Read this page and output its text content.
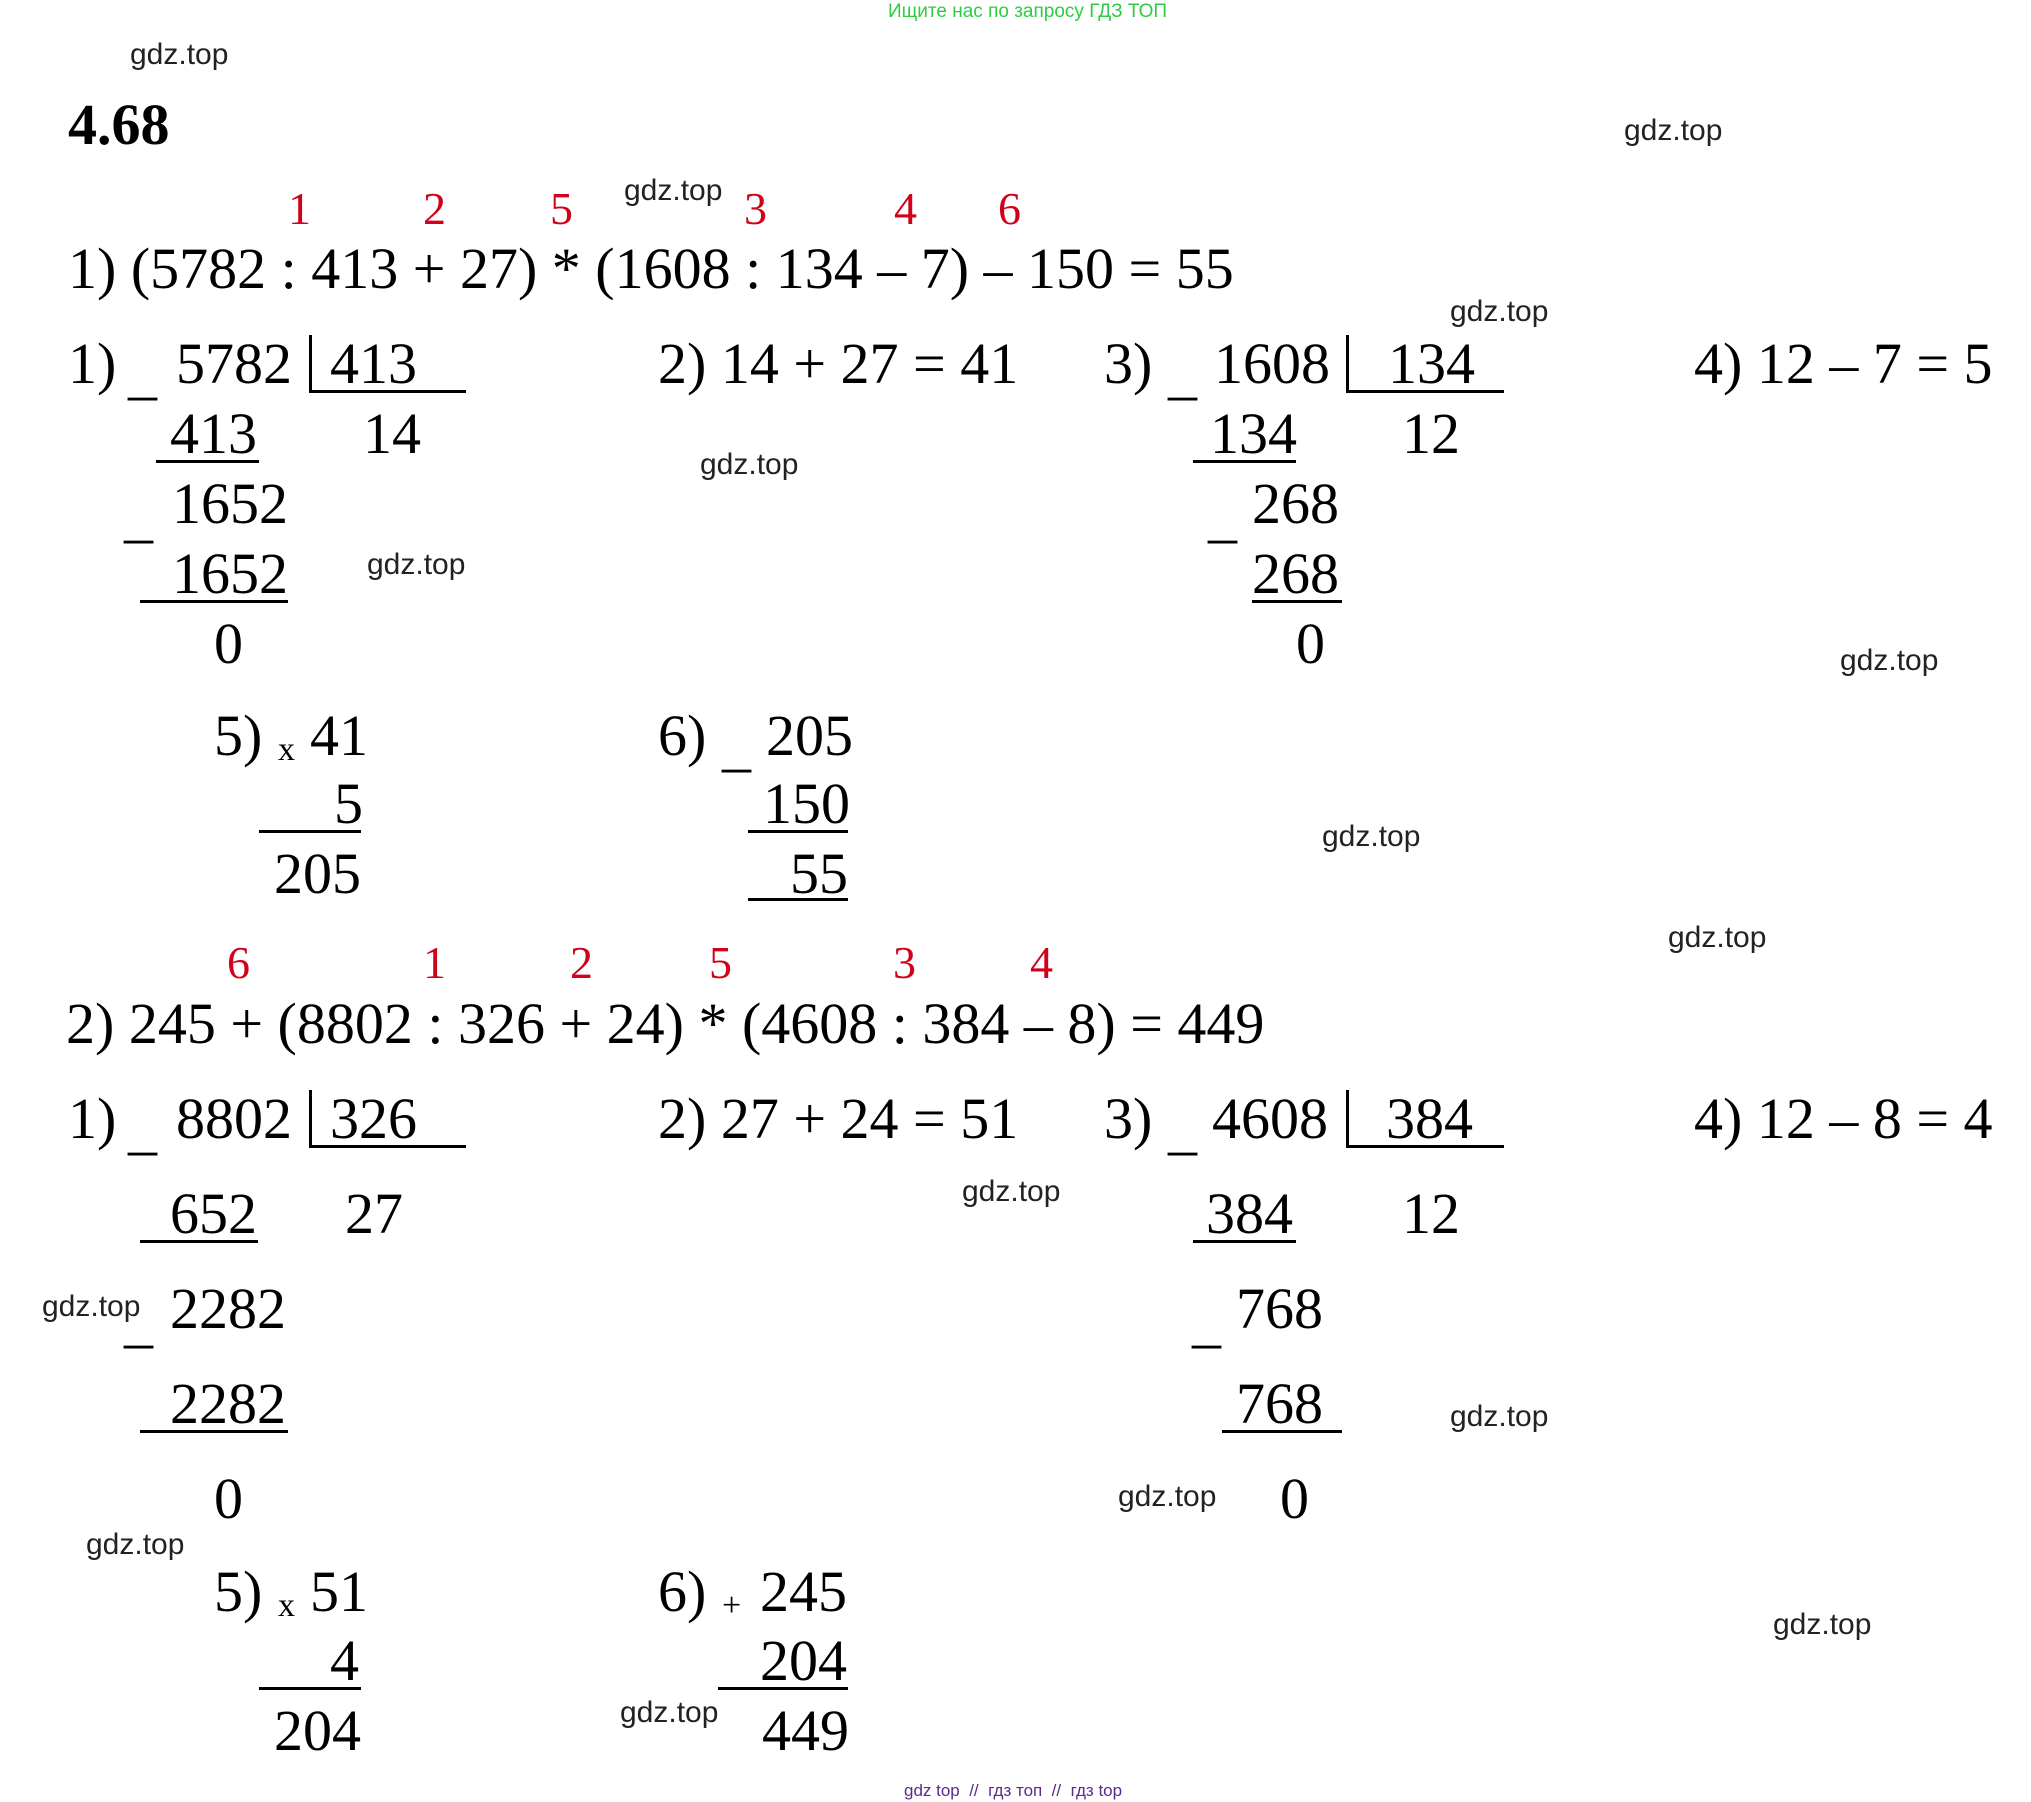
Ищите нас по запросу ГДЗ ТОП
4.68
1 2 5	3	4 6
1) (5782 : 413 + 27) * (1608 : 134 – 7) – 150 = 55
1) _ 5782 413
14
413
_ 1652
1652
0
2) 14 + 27 = 41 3) _ 1608 134
12
134
_ 268
268
0
4) 12 – 7 = 5
5) x 41
5
205
6) _ 205
150
55
6	1	2	5	3 4
2) 245 + (8802 : 326 + 24) * (4608 : 384 – 8) = 449
1) _ 8802 326
27
652
_ 2282
2282
0
2) 27 + 24 = 51 3) _ 4608 384
12
384
_ 768
768
0
4) 12 – 8 = 4
5) x 51
4
204
6) + 245
204
449
gdz.top
gdz.top
gdz.top
gdz.top
gdz.top
gdz.top
gdz.top
gdz.top
gdz.top
gdz.top
gdz.top
gdz.top
gdz.top
gdz.top
gdz.top
gdz.top
gdz top  //  гдз топ  //  гдз top
